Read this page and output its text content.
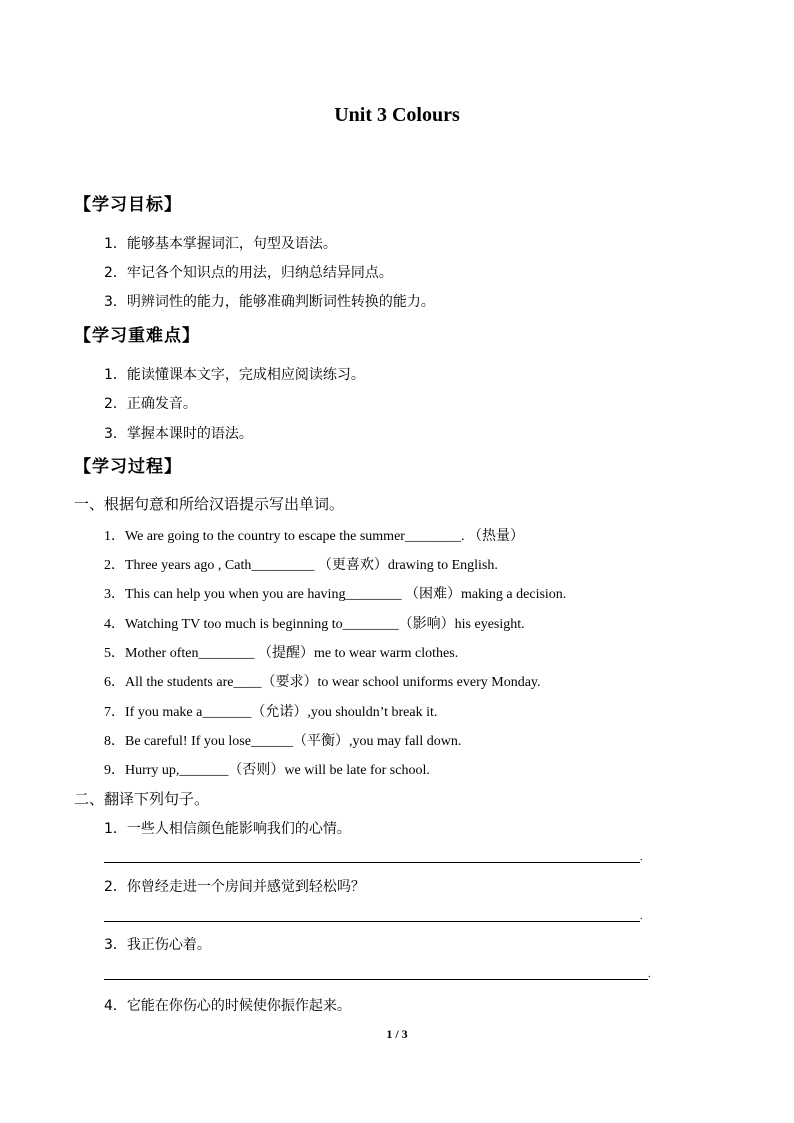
Unit 3 Colours
【学习目标】
1．能够基本掌握词汇，句型及语法。
2．牢记各个知识点的用法，归纳总结异同点。
3．明辨词性的能力，能够准确判断词性转换的能力。
【学习重难点】
1．能读懂课本文字，完成相应阅读练习。
2．正确发音。
3．掌握本课时的语法。
【学习过程】
一、根据句意和所给汉语提示写出单词。
1．We are going to the country to escape the summer________. （热量）
2．Three years ago , Cath_________ （更喜欢）drawing to English.
3．This can help you when you are having________ （困难）making a decision.
4．Watching TV too much is beginning to________（影响）his eyesight.
5．Mother often________ （提醒）me to wear warm clothes.
6．All the students are____（要求）to wear school uniforms every Monday.
7．If you make a_______（允诺）,you shouldn’t break it.
8．Be careful! If you lose______（平衡）,you may fall down.
9．Hurry up,_______（否则）we will be late for school.
二、翻译下列句子。
1．一些人相信颜色能影响我们的心情。
.
2．你曾经走进一个房间并感觉到轻松吗？
.
3．我正伤心着。
.
4．它能在你伤心的时候使你振作起来。
1 / 3
